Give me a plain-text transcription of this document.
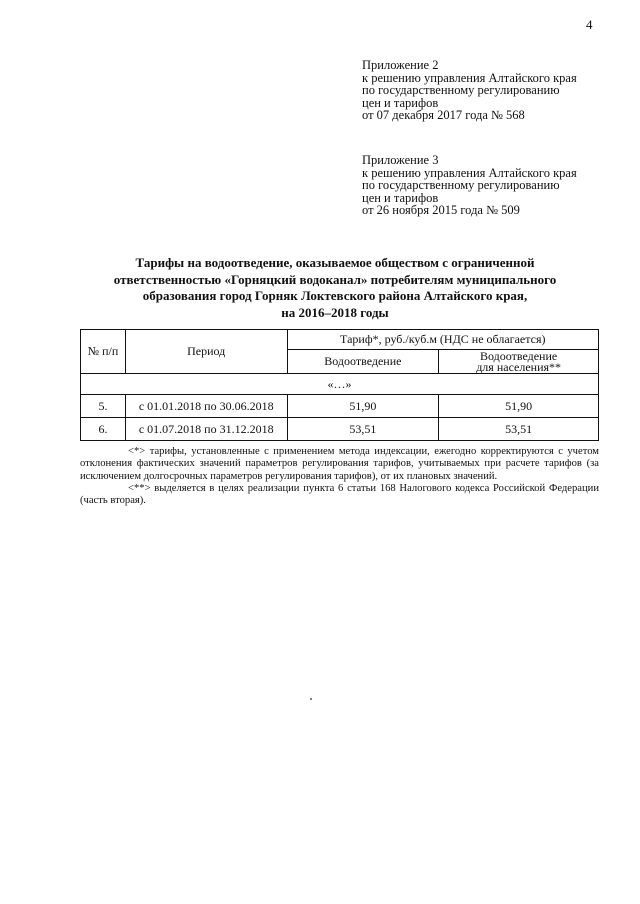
4
Приложение 2
к решению управления Алтайского края
по государственному регулированию
цен и тарифов
от 07 декабря 2017 года № 568
Приложение 3
к решению управления Алтайского края
по государственному регулированию
цен и тарифов
от 26 ноября 2015 года № 509
Тарифы на водоотведение, оказываемое обществом с ограниченной
ответственностью «Горняцкий водоканал» потребителям муниципального
образования город Горняк Локтевского района Алтайского края,
на 2016–2018 годы
№ п/п	Период	Тариф*, руб./куб.м (НДС не облагается)	
		Водоотведение	Водоотведение
для населения**

«…»			
5.	с 01.01.2018 по 30.06.2018	51,90	51,90
6.	с 01.07.2018 по 31.12.2018	53,51	53,51

<*> тарифы, установленные с применением метода индексации, ежегодно корректируются с учетом отклонения фактических значений параметров регулирования тарифов, учитываемых при расчете тарифов (за исключением долгосрочных параметров регулирования тарифов), от их плановых значений.

<**> выделяется в целях реализации пункта 6 статьи 168 Налогового кодекса Российской Федерации (часть вторая).
